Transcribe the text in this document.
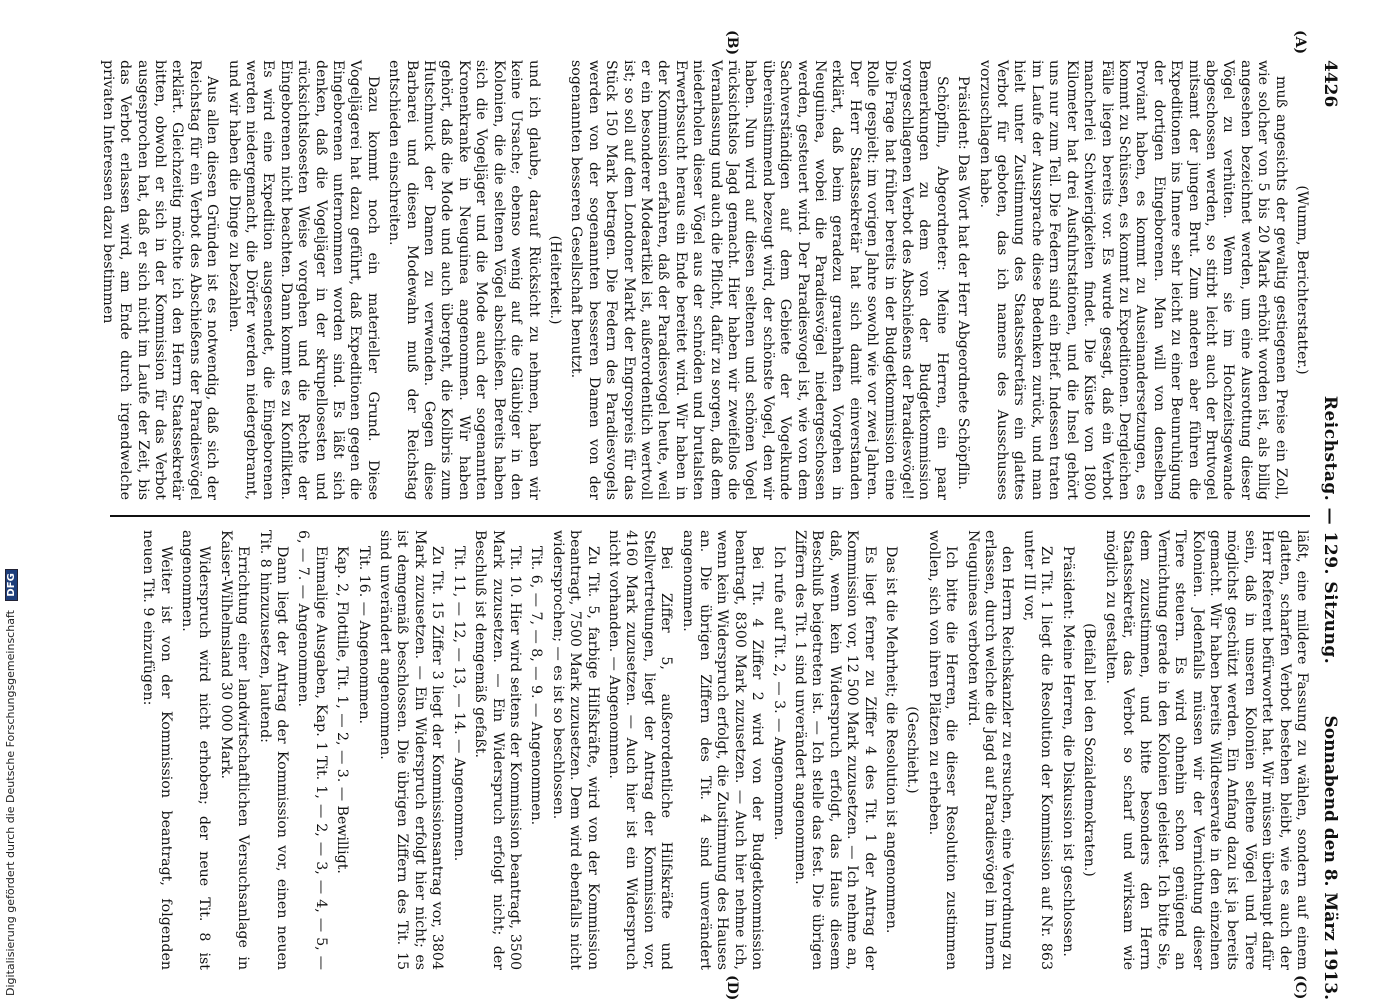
4426
Reichstag. — 129. Sitzung.
Sonnabend den 8. März 1913.

(Wumm, Berichterstatter.)

muß angesichts der gewaltig gestiegenen Preise ein Zoll, wie solcher von 5 bis 20 Mark erhöht worden ist, als billig angesehen bezeichnet werden, um eine Ausrottung dieser Vögel zu verhüten. Wenn sie im Hochzeitsgewande abgeschossen werden, so stirbt leicht auch der Brutvogel mitsamt der jungen Brut. Zum anderen aber führen die Expeditionen ins Innere sehr leicht zu einer Beunruhigung der dortigen Eingeborenen. Man will von denselben Proviant haben, es kommt zu Auseinandersetzungen, es kommt zu Schüssen, es kommt zu Expeditionen. Dergleichen Fälle liegen bereits vor. Es wurde gesagt, daß ein Verbot mancherlei Schwierigkeiten findet. Die Küste von 1800 Kilometer hat drei Ausfuhrstationen, und die Insel gehört uns nur zum Teil. Die Federn sind ein Brief. Indessen traten im Laufe der Aussprache diese Bedenken zurück, und man hielt unter Zustimmung des Staatssekretärs ein glattes Verbot für geboten, das ich namens des Ausschusses vorzuschlagen habe.

Präsident: Das Wort hat der Herr Abgeordnete Schöpflin.

Schöpflin, Abgeordneter: Meine Herren, ein paar Bemerkungen zu dem von der Budgetkommission vorgeschlagenen Verbot des Abschießens der Paradiesvögel! Die Frage hat früher bereits in der Budgetkommission eine Rolle gespielt: im vorigen Jahre sowohl wie vor zwei Jahren. Der Herr Staatssekretär hat sich damit einverstanden erklärt, daß beim geradezu grauenhaften Vorgehen in Neuguinea, wobei die Paradiesvögel niedergeschossen werden, gesteuert wird. Der Paradiesvogel ist, wie von dem Sachverständigen auf dem Gebiete der Vogelkunde übereinstimmend bezeugt wird, der schönste Vogel, den wir haben. Nun wird auf diesen seltenen und schönen Vogel rücksichtslos Jagd gemacht. Hier haben wir zweifellos die Veranlassung und auch die Pflicht, dafür zu sorgen, daß dem niederholen dieser Vögel aus der schnöden und brutalsten Erwerbssucht heraus ein Ende bereitet wird. Wir haben in der Kommission erfahren, daß der Paradiesvogel heute, weil er ein besonderer Modeartikel ist, außerordentlich wertvoll ist; so soll auf dem Londoner Markt der Engrospreis für das Stück 150 Mark betragen. Die Federn des Paradiesvogels werden von der sogenannten besseren Damen von der sogenannten besseren Gesellschaft benutzt.

(Heiterkeit.)

und ich glaube, darauf Rücksicht zu nehmen, haben wir keine Ursache; ebenso wenig auf die Gläubiger in den Kolonien, die die seltenen Vögel abschießen. Bereits haben sich die Vogeljäger und die Mode auch der sogenannten Kronenkranke in Neuguinea angenommen. Wir haben gehört, daß die Mode und auch übergeht, die Kolibris zum Hutschmuck der Damen zu verwenden. Gegen diese Barbarei und diesen Modewahn muß der Reichstag entschieden einschreiten.

Dazu kommt noch ein materieller Grund. Diese Vogeljägerei hat dazu geführt, daß Expeditionen gegen die Eingeborenen unternommen worden sind. Es läßt sich denken, daß die Vogeljäger in der skrupellosesten und rücksichtslosesten Weise vorgehen und die Rechte der Eingeborenen nicht beachten. Dann kommt es zu Konflikten. Es wird eine Expedition ausgesendet, die Eingeborenen werden niedergemacht, die Dörfer werden niedergebrannt, und wir haben die Dinge zu bezahlen.

Aus allen diesen Gründen ist es notwendig, daß sich der Reichstag für ein Verbot des Abschießens der Paradiesvögel erklärt. Gleichzeitig möchte ich den Herrn Staatssekretär bitten, obwohl er sich in der Kommission für das Verbot ausgesprochen hat, daß er sich nicht im Laufe der Zeit, bis das Verbot erlassen wird, am Ende durch irgendwelche privaten Interessen dazu bestimmen

läßt, eine mildere Fassung zu wählen, sondern auf einem glatten, scharfen Verbot bestehen bleibt, wie es auch der Herr Referent befürwortet hat. Wir müssen überhaupt dafür sein, daß in unseren Kolonien seltene Vögel und Tiere möglichst geschützt werden. Ein Anfang dazu ist ja bereits gemacht. Wir haben bereits Wildreservate in den einzelnen Kolonien. Jedenfalls müssen wir der Vernichtung dieser Tiere steuern. Es wird ohnehin schon genügend an Vernichtung gerade in den Kolonien geleistet. Ich bitte Sie, dem zuzustimmen, und bitte besonders den Herrn Staatssekretär, das Verbot so scharf und wirksam wie möglich zu gestalten.

(Beifall bei den Sozialdemokraten.)

Präsident: Meine Herren, die Diskussion ist geschlossen.

Zu Tit. 1 liegt die Resolution der Kommission auf Nr. 863 unter III vor,

den Herrn Reichskanzler zu ersuchen, eine Verordnung zu erlassen, durch welche die Jagd auf Paradiesvögel im Innern Neuguineas verboten wird.

Ich bitte die Herren, die dieser Resolution zustimmen wollen, sich von ihren Plätzen zu erheben.

(Geschieht.)

Das ist die Mehrheit; die Resolution ist angenommen.

Es liegt ferner zu Ziffer 4 des Tit. 1 der Antrag der Kommission vor, 12 500 Mark zuzusetzen. — Ich nehme an, daß, wenn kein Widerspruch erfolgt, das Haus diesem Beschluß beigetreten ist. — Ich stelle das fest. Die übrigen Ziffern des Tit. 1 sind unverändert angenommen.

Ich rufe auf Tit. 2, — 3. — Angenommen.

Bei Tit. 4 Ziffer 2 wird von der Budgetkommission beantragt, 8300 Mark zuzusetzen. — Auch hier nehme ich, wenn kein Widerspruch erfolgt, die Zustimmung des Hauses an. Die übrigen Ziffern des Tit. 4 sind unverändert angenommen.

Bei Ziffer 5, außerordentliche Hilfskräfte und Stellvertretungen, liegt der Antrag der Kommission vor, 4160 Mark zuzusetzen. — Auch hier ist ein Widerspruch nicht vorhanden. — Angenommen.

Zu Tit. 5, farbige Hilfskräfte, wird von der Kommission beantragt, 7500 Mark zuzusetzen. Dem wird ebenfalls nicht widersprochen; — es ist so beschlossen.

Tit. 6, — 7, — 8, — 9. — Angenommen.

Tit. 10. Hier wird seitens der Kommission beantragt, 3500 Mark zuzusetzen. — Ein Widerspruch erfolgt nicht; der Beschluß ist demgemäß gefaßt.

Tit. 11, — 12, — 13, — 14. — Angenommen.

Zu Tit. 15 Ziffer 3 liegt der Kommissionsantrag vor, 3804 Mark zuzusetzen. — Ein Widerspruch erfolgt hier nicht; es ist demgemäß beschlossen. Die übrigen Ziffern des Tit. 15 sind unverändert angenommen.

Tit. 16. — Angenommen.

Kap. 2, Flottille, Tit. 1, — 2, — 3. — Bewilligt.

Einmalige Ausgaben, Kap. 1 Tit. 1, — 2, — 3, — 4, — 5, — 6, — 7. — Angenommen.

Dann liegt der Antrag der Kommission vor, einen neuen Tit. 8 hinzuzusetzen, lautend:

Errichtung einer landwirtschaftlichen Versuchsanlage in Kaiser-Wilhelmsland 30 000 Mark.

Widerspruch wird nicht erhoben; der neue Tit. 8 ist angenommen.

Weiter ist von der Kommission beantragt, folgenden neuen Tit. 9 einzufügen:

(A)
(B)
(C)
(D)
Digitalisierung gefördert durch die Deutsche Forschungsgemeinschaft DFG
